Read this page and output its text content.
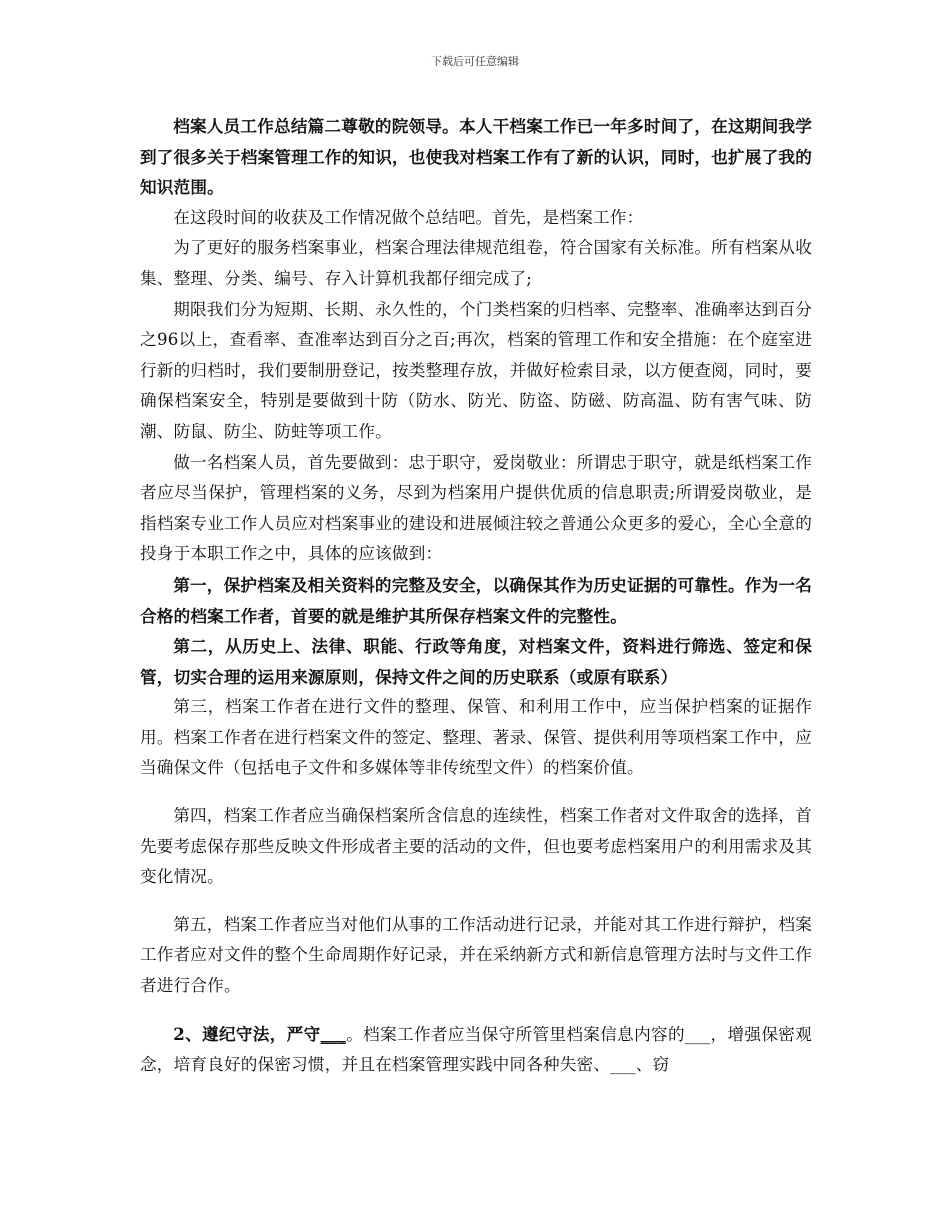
下载后可任意编辑

档案人员工作总结篇二尊敬的院领导。本人干档案工作已一年多时间了，在这期间我学到了很多关于档案管理工作的知识，也使我对档案工作有了新的认识，同时，也扩展了我的知识范围。

在这段时间的收获及工作情况做个总结吧。首先，是档案工作：

为了更好的服务档案事业，档案合理法律规范组卷，符合国家有关标准。所有档案从收集、整理、分类、编号、存入计算机我都仔细完成了;

期限我们分为短期、长期、永久性的，个门类档案的归档率、完整率、准确率达到百分之96以上，查看率、查准率达到百分之百;再次，档案的管理工作和安全措施：在个庭室进行新的归档时，我们要制册登记，按类整理存放，并做好检索目录，以方便查阅，同时，要确保档案安全，特别是要做到十防（防水、防光、防盗、防磁、防高温、防有害气味、防潮、防鼠、防尘、防蛀等项工作。

做一名档案人员，首先要做到：忠于职守，爱岗敬业：所谓忠于职守，就是纸档案工作者应尽当保护，管理档案的义务，尽到为档案用户提供优质的信息职责;所谓爱岗敬业，是指档案专业工作人员应对档案事业的建设和进展倾注较之普通公众更多的爱心，全心全意的投身于本职工作之中，具体的应该做到：

第一，保护档案及相关资料的完整及安全，以确保其作为历史证据的可靠性。作为一名合格的档案工作者，首要的就是维护其所保存档案文件的完整性。

第二，从历史上、法律、职能、行政等角度，对档案文件，资料进行筛选、签定和保管，切实合理的运用来源原则，保持文件之间的历史联系（或原有联系）

第三，档案工作者在进行文件的整理、保管、和利用工作中，应当保护档案的证据作用。档案工作者在进行档案文件的签定、整理、著录、保管、提供利用等项档案工作中，应当确保文件（包括电子文件和多媒体等非传统型文件）的档案价值。

第四，档案工作者应当确保档案所含信息的连续性，档案工作者对文件取舍的选择，首先要考虑保存那些反映文件形成者主要的活动的文件，但也要考虑档案用户的利用需求及其变化情况。

第五，档案工作者应当对他们从事的工作活动进行记录，并能对其工作进行辩护，档案工作者应对文件的整个生命周期作好记录，并在采纳新方式和新信息管理方法时与文件工作者进行合作。

2、遵纪守法，严守___。档案工作者应当保守所管里档案信息内容的___，增强保密观念，培育良好的保密习惯，并且在档案管理实践中同各种失密、___、窃
